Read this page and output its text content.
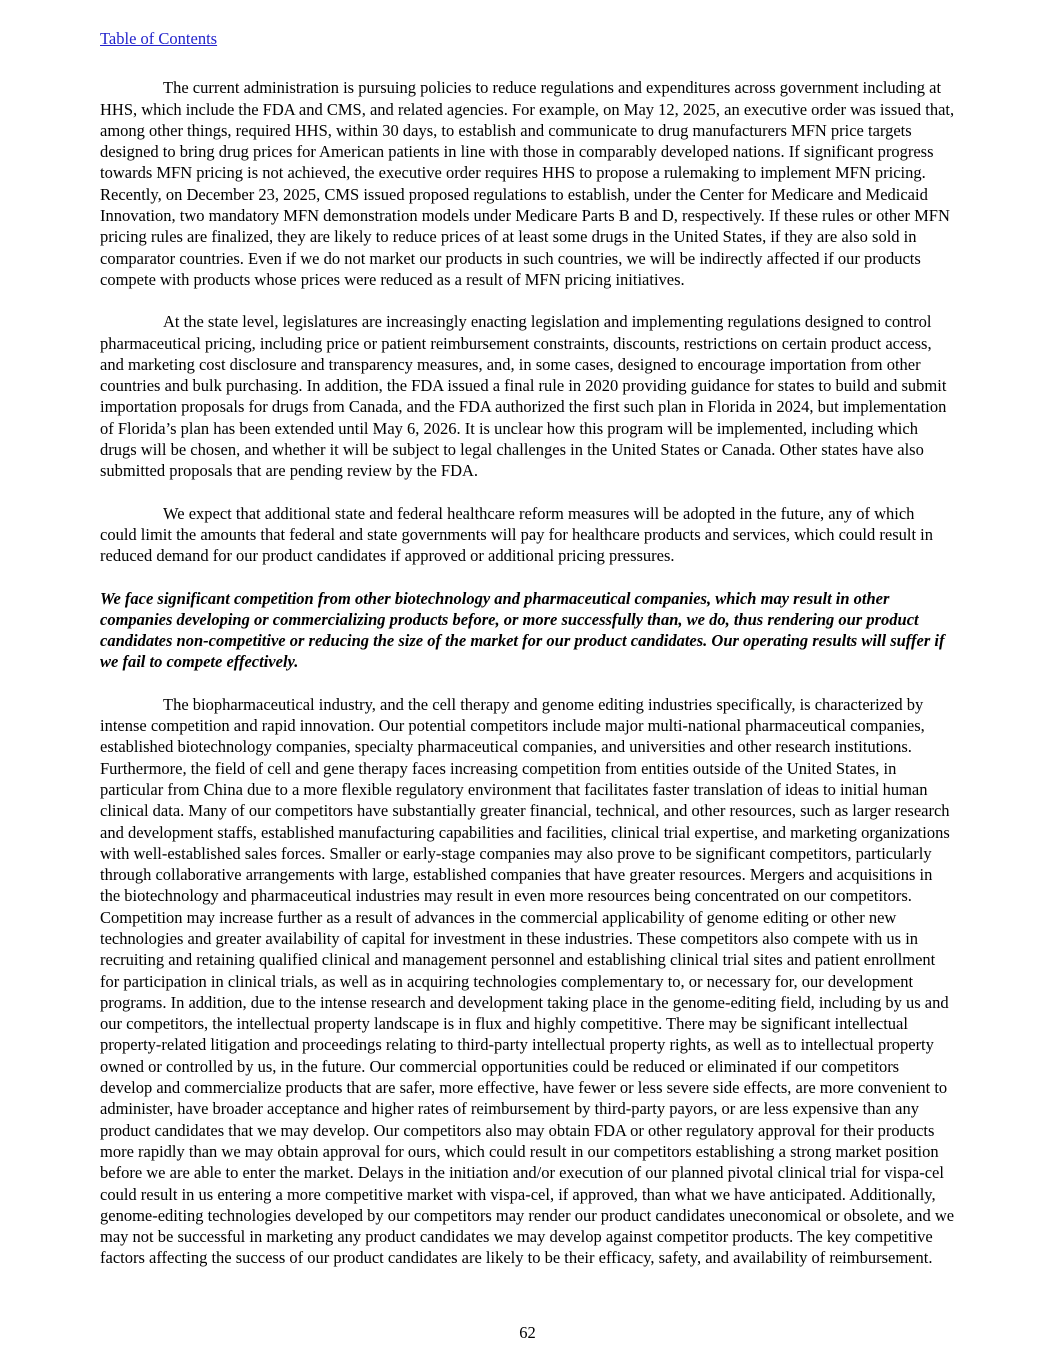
Table of Contents

The current administration is pursuing policies to reduce regulations and expenditures across government including at HHS, which include the FDA and CMS, and related agencies. For example, on May 12, 2025, an executive order was issued that, among other things, required HHS, within 30 days, to establish and communicate to drug manufacturers MFN price targets designed to bring drug prices for American patients in line with those in comparably developed nations. If significant progress towards MFN pricing is not achieved, the executive order requires HHS to propose a rulemaking to implement MFN pricing. Recently, on December 23, 2025, CMS issued proposed regulations to establish, under the Center for Medicare and Medicaid Innovation, two mandatory MFN demonstration models under Medicare Parts B and D, respectively. If these rules or other MFN pricing rules are finalized, they are likely to reduce prices of at least some drugs in the United States, if they are also sold in comparator countries. Even if we do not market our products in such countries, we will be indirectly affected if our products compete with products whose prices were reduced as a result of MFN pricing initiatives.

At the state level, legislatures are increasingly enacting legislation and implementing regulations designed to control pharmaceutical pricing, including price or patient reimbursement constraints, discounts, restrictions on certain product access, and marketing cost disclosure and transparency measures, and, in some cases, designed to encourage importation from other countries and bulk purchasing. In addition, the FDA issued a final rule in 2020 providing guidance for states to build and submit importation proposals for drugs from Canada, and the FDA authorized the first such plan in Florida in 2024, but implementation of Florida’s plan has been extended until May 6, 2026. It is unclear how this program will be implemented, including which drugs will be chosen, and whether it will be subject to legal challenges in the United States or Canada. Other states have also submitted proposals that are pending review by the FDA.

We expect that additional state and federal healthcare reform measures will be adopted in the future, any of which could limit the amounts that federal and state governments will pay for healthcare products and services, which could result in reduced demand for our product candidates if approved or additional pricing pressures.

We face significant competition from other biotechnology and pharmaceutical companies, which may result in other companies developing or commercializing products before, or more successfully than, we do, thus rendering our product candidates non-competitive or reducing the size of the market for our product candidates. Our operating results will suffer if we fail to compete effectively.

The biopharmaceutical industry, and the cell therapy and genome editing industries specifically, is characterized by intense competition and rapid innovation. Our potential competitors include major multi-national pharmaceutical companies, established biotechnology companies, specialty pharmaceutical companies, and universities and other research institutions. Furthermore, the field of cell and gene therapy faces increasing competition from entities outside of the United States, in particular from China due to a more flexible regulatory environment that facilitates faster translation of ideas to initial human clinical data. Many of our competitors have substantially greater financial, technical, and other resources, such as larger research and development staffs, established manufacturing capabilities and facilities, clinical trial expertise, and marketing organizations with well-established sales forces. Smaller or early-stage companies may also prove to be significant competitors, particularly through collaborative arrangements with large, established companies that have greater resources. Mergers and acquisitions in the biotechnology and pharmaceutical industries may result in even more resources being concentrated on our competitors. Competition may increase further as a result of advances in the commercial applicability of genome editing or other new technologies and greater availability of capital for investment in these industries. These competitors also compete with us in recruiting and retaining qualified clinical and management personnel and establishing clinical trial sites and patient enrollment for participation in clinical trials, as well as in acquiring technologies complementary to, or necessary for, our development programs. In addition, due to the intense research and development taking place in the genome-editing field, including by us and our competitors, the intellectual property landscape is in flux and highly competitive. There may be significant intellectual property-related litigation and proceedings relating to third-party intellectual property rights, as well as to intellectual property owned or controlled by us, in the future. Our commercial opportunities could be reduced or eliminated if our competitors develop and commercialize products that are safer, more effective, have fewer or less severe side effects, are more convenient to administer, have broader acceptance and higher rates of reimbursement by third-party payors, or are less expensive than any product candidates that we may develop. Our competitors also may obtain FDA or other regulatory approval for their products more rapidly than we may obtain approval for ours, which could result in our competitors establishing a strong market position before we are able to enter the market. Delays in the initiation and/or execution of our planned pivotal clinical trial for vispa-cel could result in us entering a more competitive market with vispa-cel, if approved, than what we have anticipated. Additionally, genome-editing technologies developed by our competitors may render our product candidates uneconomical or obsolete, and we may not be successful in marketing any product candidates we may develop against competitor products. The key competitive factors affecting the success of our product candidates are likely to be their efficacy, safety, and availability of reimbursement.

62
